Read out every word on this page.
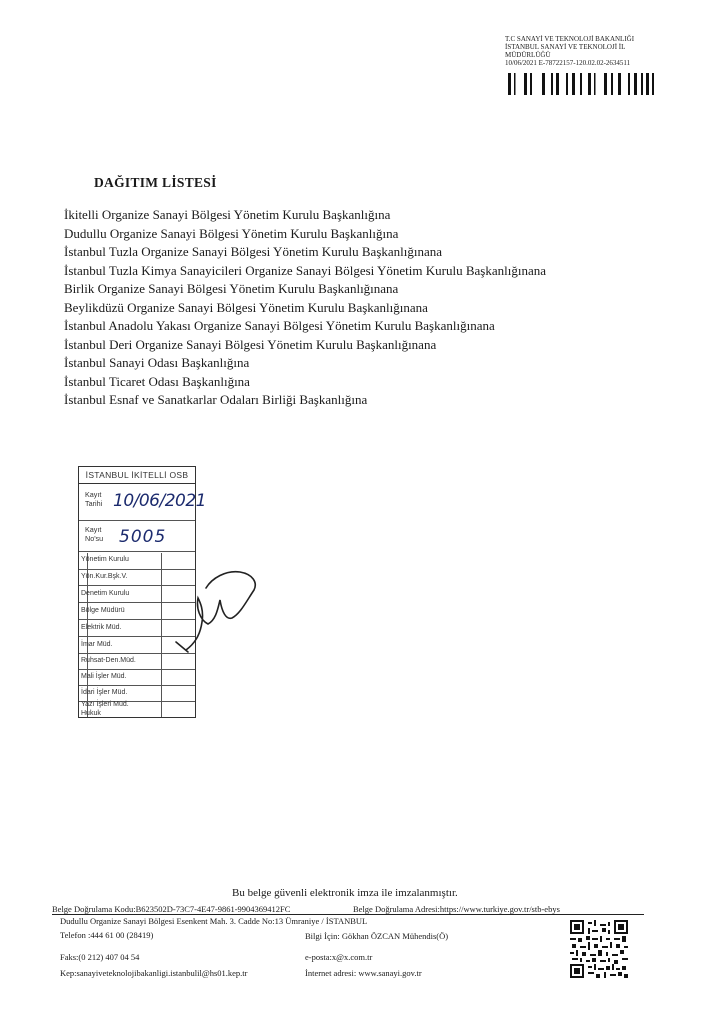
T.C SANAYİ VE TEKNOLOJİ BAKANLIĞI
İSTANBUL SANAYİ VE TEKNOLOJİ İL
MÜDÜRLÜĞÜ
10/06/2021 E-78722157-120.02.02-2634511
DAĞITIM LİSTESİ
İkitelli Organize Sanayi Bölgesi Yönetim Kurulu Başkanlığına
Dudullu Organize Sanayi Bölgesi Yönetim Kurulu Başkanlığına
İstanbul Tuzla Organize Sanayi Bölgesi Yönetim Kurulu Başkanlığınana
İstanbul Tuzla Kimya Sanayicileri Organize Sanayi Bölgesi Yönetim Kurulu Başkanlığınana
Birlik Organize Sanayi Bölgesi Yönetim Kurulu Başkanlığınana
Beylikdüzü Organize Sanayi Bölgesi Yönetim Kurulu Başkanlığınana
İstanbul Anadolu Yakası Organize Sanayi Bölgesi Yönetim Kurulu Başkanlığınana
İstanbul Deri Organize Sanayi Bölgesi Yönetim Kurulu Başkanlığınana
İstanbul Sanayi Odası Başkanlığına
İstanbul Ticaret Odası Başkanlığına
İstanbul Esnaf ve Sanatkarlar Odaları Birliği Başkanlığına
İSTANBUL İKİTELLİ OSB
Kayıt
Tarihi 10/06/2021
Kayıt
No'su 5005
Yönetim Kurulu
Yön.Kur.Bşk.V.
Denetim Kurulu
Bölge Müdürü
Elektrik Müd.
İmar Müd.
Ruhsat-Den.Müd.
Mali İşler Müd.
İdari İşler Müd.
Yazı İşleri Müd.
Hukuk
Bu belge güvenli elektronik imza ile imzalanmıştır.
Belge Doğrulama Kodu:B623502D-73C7-4E47-9861-9904369412FC	Belge Doğrulama Adresi:https://www.turkiye.gov.tr/stb-ebys
Dudullu Organize Sanayi Bölgesi Esenkent Mah. 3. Cadde No:13 Ümraniye / İSTANBUL
Telefon :444 61 00 (28419)	Bilgi İçin: Gökhan ÖZCAN Mühendis(Ö)
Faks:(0 212) 407 04 54	e-posta:x@x.com.tr
Kep:sanayiveteknolojibakanligi.istanbulil@hs01.kep.tr	İnternet adresi: www.sanayi.gov.tr
